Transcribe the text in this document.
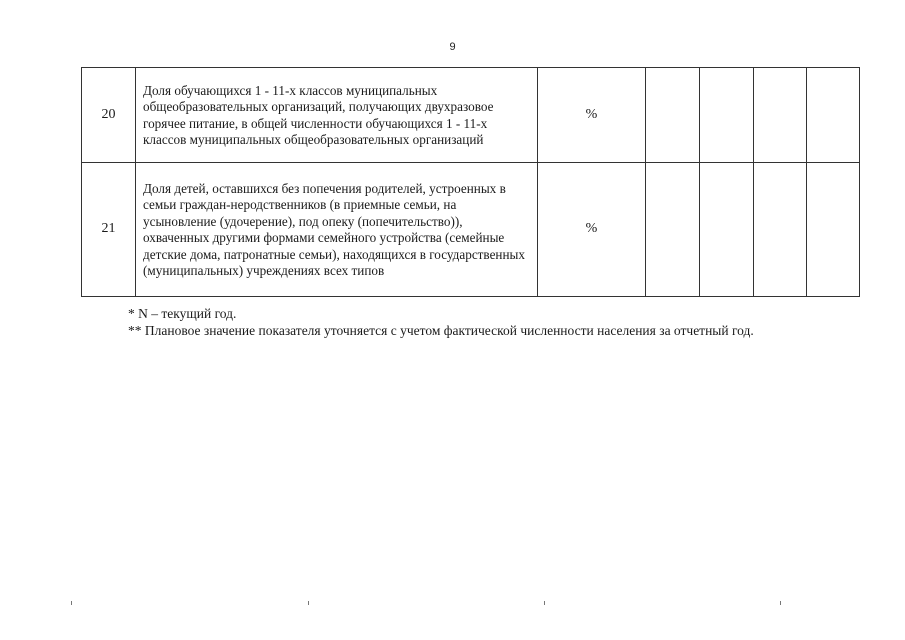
9
20	Доля обучающихся 1 - 11-х классов муниципальных общеобразовательных организаций, получающих двухразовое горячее питание, в общей численности обучающихся 1 - 11-х классов муниципальных общеобразовательных организаций	%				
21	Доля детей, оставшихся без попечения родителей, устроенных в семьи граждан-неродственников (в приемные семьи, на усыновление (удочерение), под опеку (попечительство)), охваченных другими формами семейного устройства (семейные детские дома, патронатные семьи), находящихся в государственных (муниципальных) учреждениях всех типов	%				
* N – текущий год.
** Плановое значение показателя уточняется с учетом фактической численности населения за отчетный год.
